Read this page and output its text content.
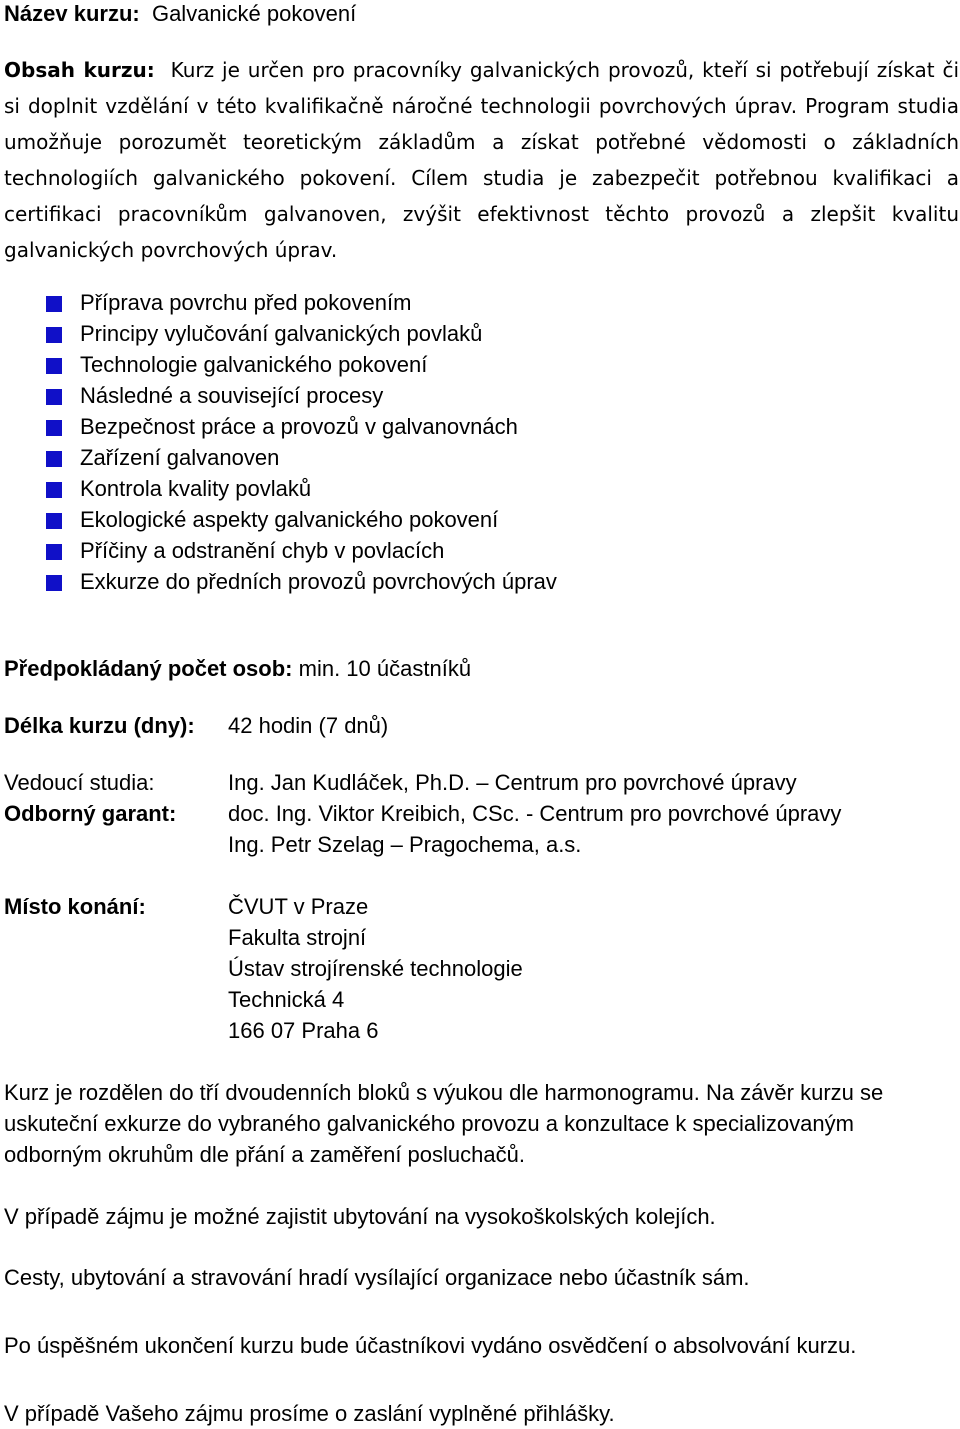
Název kurzu: Galvanické pokovení
Obsah kurzu: Kurz je určen pro pracovníky galvanických provozů, kteří si potřebují získat či si doplnit vzdělání v této kvalifikačně náročné technologii povrchových úprav. Program studia umožňuje porozumět teoretickým základům a získat potřebné vědomosti o základních technologiích galvanického pokovení. Cílem studia je zabezpečit potřebnou kvalifikaci a certifikaci pracovníkům galvanoven, zvýšit efektivnost těchto provozů a zlepšit kvalitu galvanických povrchových úprav.
Příprava povrchu před pokovením
Principy vylučování galvanických povlaků
Technologie galvanického pokovení
Následné a související procesy
Bezpečnost práce a provozů v galvanovnách
Zařízení galvanoven
Kontrola kvality povlaků
Ekologické aspekty galvanického pokovení
Příčiny a odstranění chyb v povlacích
Exkurze do předních provozů povrchových úprav
Předpokládaný počet osob: min. 10 účastníků
Délka kurzu (dny): 42 hodin (7 dnů)
Vedoucí studia:	Ing. Jan Kudláček, Ph.D. – Centrum pro povrchové úpravy
Odborný garant: doc. Ing. Viktor Kreibich, CSc. - Centrum pro povrchové úpravy
Ing. Petr Szelag – Pragochema, a.s.
Místo konání:	ČVUT v Praze
Fakulta strojní
Ústav strojírenské technologie
Technická 4
166 07 Praha 6
Kurz je rozdělen do tří dvoudenních bloků s výukou dle harmonogramu. Na závěr kurzu se uskuteční exkurze do vybraného galvanického provozu a konzultace k specializovaným odborným okruhům dle přání a zaměření posluchačů.
V případě zájmu je možné zajistit ubytování na vysokoškolských kolejích.
Cesty, ubytování a stravování hradí vysílající organizace nebo účastník sám.
Po úspěšném ukončení kurzu bude účastníkovi vydáno osvědčení o absolvování kurzu.
V případě Vašeho zájmu prosíme o zaslání vyplněné přihlášky.
